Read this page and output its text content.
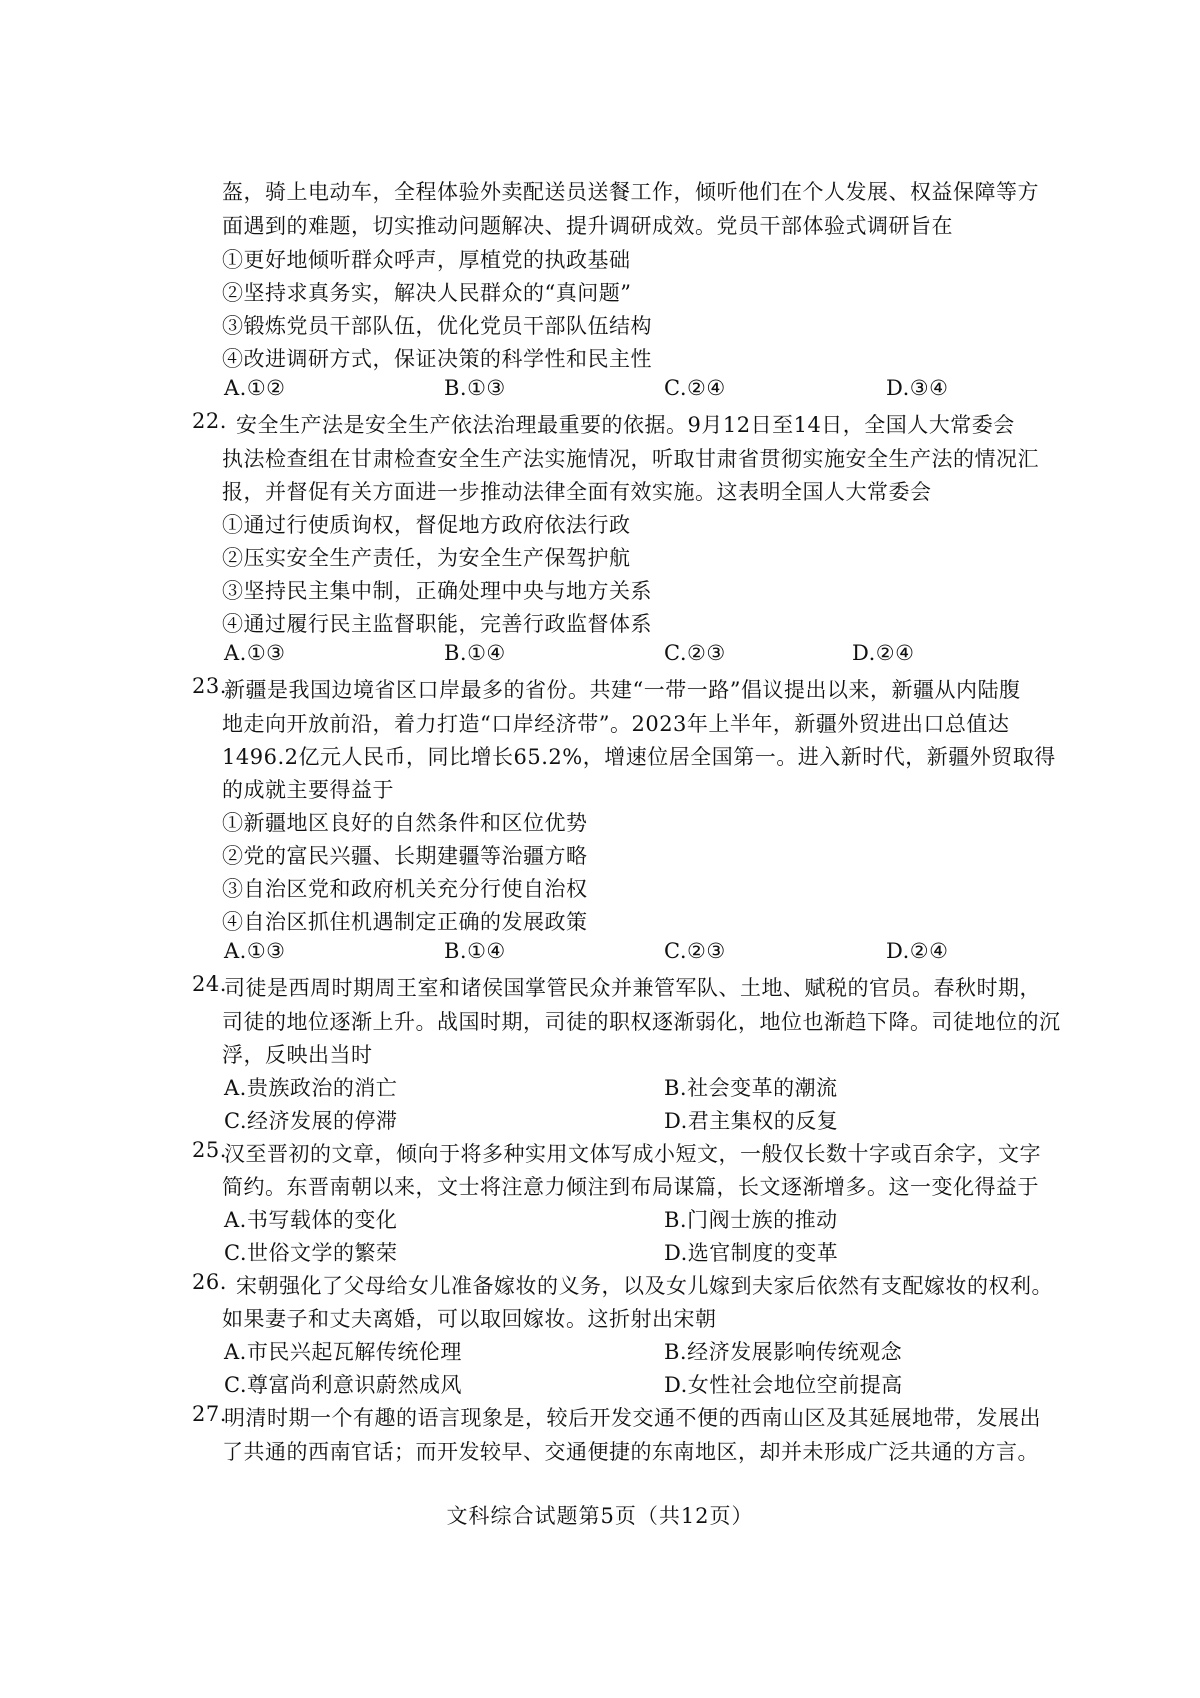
盔，骑上电动车，全程体验外卖配送员送餐工作，倾听他们在个人发展、权益保障等方
面遇到的难题，切实推动问题解决、提升调研成效。党员干部体验式调研旨在
①更好地倾听群众呼声，厚植党的执政基础
②坚持求真务实，解决人民群众的“真问题”
③锻炼党员干部队伍，优化党员干部队伍结构
④改进调研方式，保证决策的科学性和民主性
A.①②	B.①③	C.②④	D.③④
22. 安全生产法是安全生产依法治理最重要的依据。9月12日至14日，全国人大常委会
执法检查组在甘肃检查安全生产法实施情况，听取甘肃省贯彻实施安全生产法的情况汇
报，并督促有关方面进一步推动法律全面有效实施。这表明全国人大常委会
①通过行使质询权，督促地方政府依法行政
②压实安全生产责任，为安全生产保驾护航
③坚持民主集中制，正确处理中央与地方关系
④通过履行民主监督职能，完善行政监督体系
A.①③	B.①④	C.②③	D.②④
23.
新疆是我国边境省区口岸最多的省份。共建“一带一路”倡议提出以来，新疆从内陆腹
地走向开放前沿，着力打造“口岸经济带”。2023年上半年，新疆外贸进出口总值达
1496.2亿元人民币，同比增长65.2%，增速位居全国第一。进入新时代，新疆外贸取得
的成就主要得益于
①新疆地区良好的自然条件和区位优势
②党的富民兴疆、长期建疆等治疆方略
③自治区党和政府机关充分行使自治权
④自治区抓住机遇制定正确的发展政策
A.①③	B.①④	C.②③	D.②④
24.
司徒是西周时期周王室和诸侯国掌管民众并兼管军队、土地、赋税的官员。春秋时期，
司徒的地位逐渐上升。战国时期，司徒的职权逐渐弱化，地位也渐趋下降。司徒地位的沉
浮，反映出当时
A.贵族政治的消亡	B.社会变革的潮流
C.经济发展的停滞	D.君主集权的反复
25.
汉至晋初的文章，倾向于将多种实用文体写成小短文，一般仅长数十字或百余字，文字
简约。东晋南朝以来，文士将注意力倾注到布局谋篇，长文逐渐增多。这一变化得益于
A.书写载体的变化	B.门阀士族的推动
C.世俗文学的繁荣	D.选官制度的变革
26. 宋朝强化了父母给女儿准备嫁妆的义务，以及女儿嫁到夫家后依然有支配嫁妆的权利。
如果妻子和丈夫离婚，可以取回嫁妆。这折射出宋朝
A.市民兴起瓦解传统伦理	B.经济发展影响传统观念
C.尊富尚利意识蔚然成风	D.女性社会地位空前提高
文科综合试题第5页（共12页）
27.
明清时期一个有趣的语言现象是，较后开发交通不便的西南山区及其延展地带，发展出
了共通的西南官话；而开发较早、交通便捷的东南地区，却并未形成广泛共通的方言。
